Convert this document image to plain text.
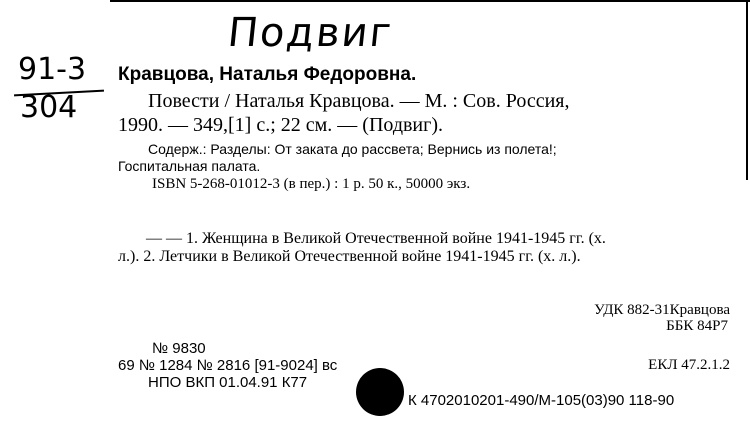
Подвиг
91-3
304
Кравцова, Наталья Федоровна.
Повести / Наталья Кравцова. — М. : Сов. Россия,
1990. — 349,[1] с.; 22 см. — (Подвиг).
Содерж.: Разделы: От заката до рассвета; Вернись из полета!;
Госпитальная палата.
ISBN 5-268-01012-3 (в пер.) : 1 р. 50 к., 50000 экз.
— — 1. Женщина в Великой Отечественной войне 1941-1945 гг. (х.
л.). 2. Летчики в Великой Отечественной войне 1941-1945 гг. (х. л.).
УДК 882-31Кравцова
ББК 84Р7
№ 9830
69 № 1284 № 2816 [91-9024] вс	ЕКЛ 47.2.1.2
НПО ВКП 01.04.91 К77
К 4702010201-490/М-105(03)90 118-90
